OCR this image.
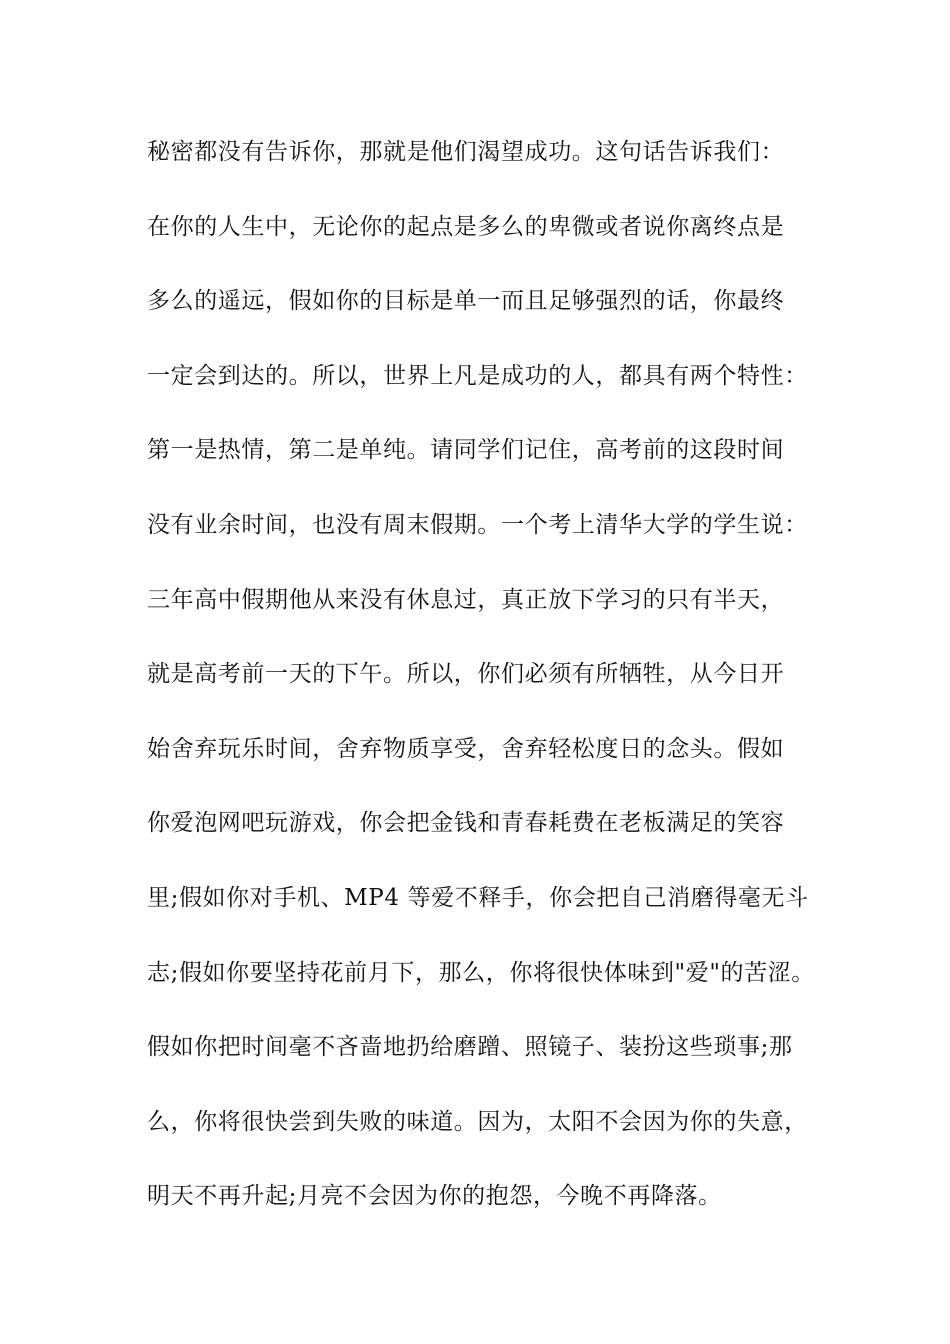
秘密都没有告诉你，那就是他们渴望成功。这句话告诉我们：
在你的人生中，无论你的起点是多么的卑微或者说你离终点是
多么的遥远，假如你的目标是单一而且足够强烈的话，你最终
一定会到达的。所以，世界上凡是成功的人，都具有两个特性：
第一是热情，第二是单纯。请同学们记住，高考前的这段时间
没有业余时间，也没有周末假期。一个考上清华大学的学生说：
三年高中假期他从来没有休息过，真正放下学习的只有半天，
就是高考前一天的下午。所以，你们必须有所牺牲，从今日开
始舍弃玩乐时间，舍弃物质享受，舍弃轻松度日的念头。假如
你爱泡网吧玩游戏，你会把金钱和青春耗费在老板满足的笑容
里;假如你对手机、MP4 等爱不释手，你会把自己消磨得毫无斗
志;假如你要坚持花前月下，那么，你将很快体味到"爱"的苦涩。
假如你把时间毫不吝啬地扔给磨蹭、照镜子、装扮这些琐事;那
么，你将很快尝到失败的味道。因为，太阳不会因为你的失意，
明天不再升起;月亮不会因为你的抱怨，今晚不再降落。
